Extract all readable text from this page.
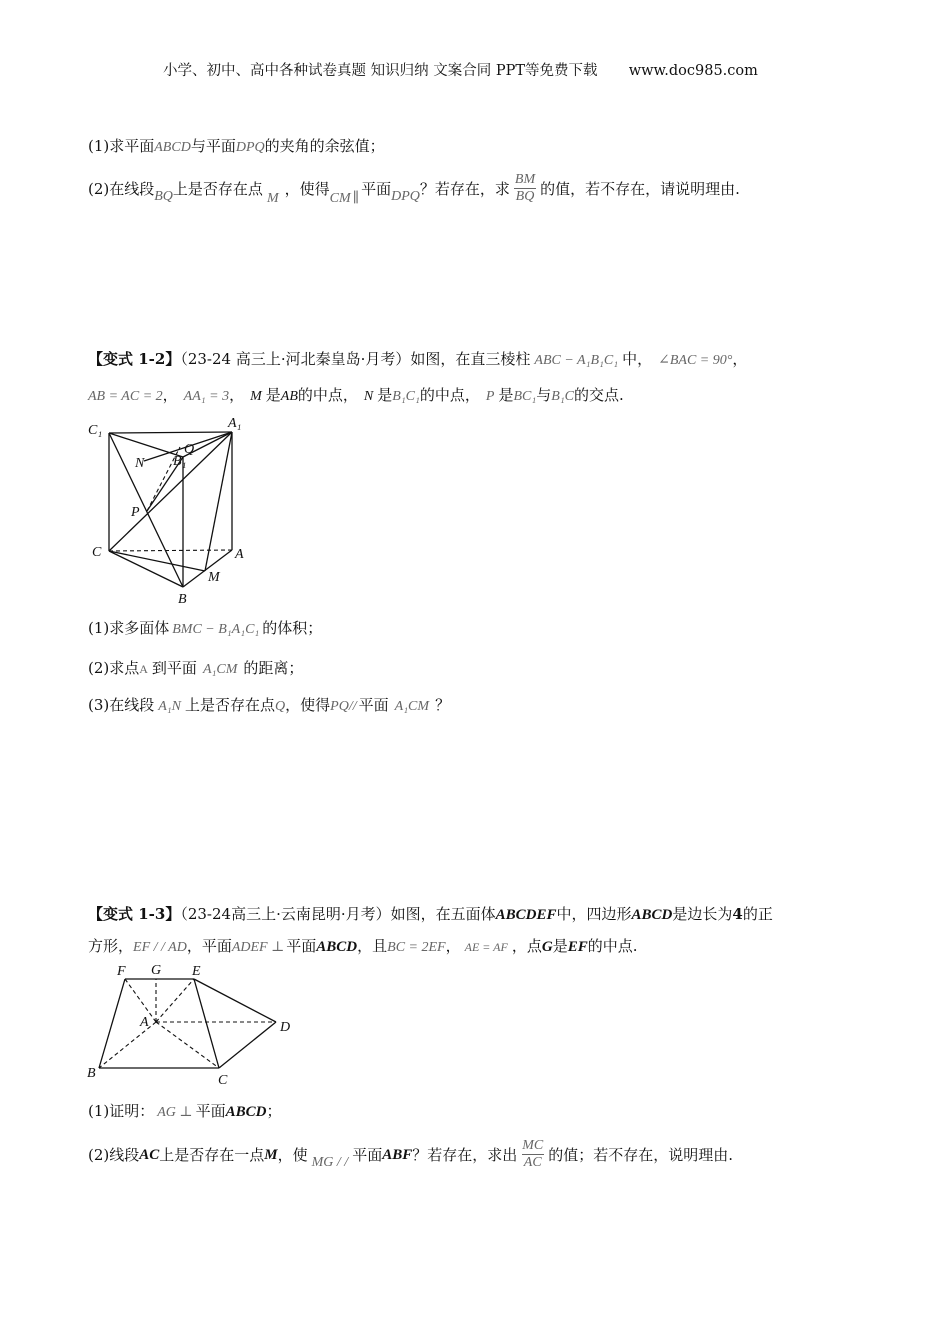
小学、初中、高中各种试卷真题 知识归纳 文案合同 PPT等免费下载 www.doc985.com
(1)求平面ABCD与平面DPQ的夹角的余弦值；
(2)在线段 BQ 上是否存在点
M
，使得
CM ∥
平面 DPQ ？若存在，求 $\frac{BM}{BQ}$ 的值，若不存在，请说明理由.
【变式 1-2】（23-24 高三上·河北秦皇岛·月考）如图，在直三棱柱 ABC − A₁B₁C₁ 中， ∠BAC = 90°，
AB = AC = 2， AA₁ = 3， M 是AB的中点， N 是B₁C₁的中点， P 是BC₁与B₁C的交点.
C₁	A₁
N
Q
B₁
P
C	A
M
B
(1)求多面体 BMC − B₁A₁C₁ 的体积；
(2)求点A 到平面 A₁CM 的距离；
(3)在线段 A₁N 上是否存在点Q，使得PQ// 平面 A₁CM ？
【变式 1-3】（23-24高三上·云南昆明·月考）如图，在五面体ABCDEF中，四边形ABCD是边长为4的正
方形，EF / / AD，平面ADEF ⊥ 平面ABCD，且BC = 2EF， AE = AF ，点G是EF的中点.
F G E
A	D
B	C
(1)证明： AG ⊥ 平面ABCD；
(2)线段 AC 上是否存在一点 M ，使 MG / / 平面 ABF ？若存在，求出 $\frac{MC}{AC}$ 的值；若不存在，说明理由.
